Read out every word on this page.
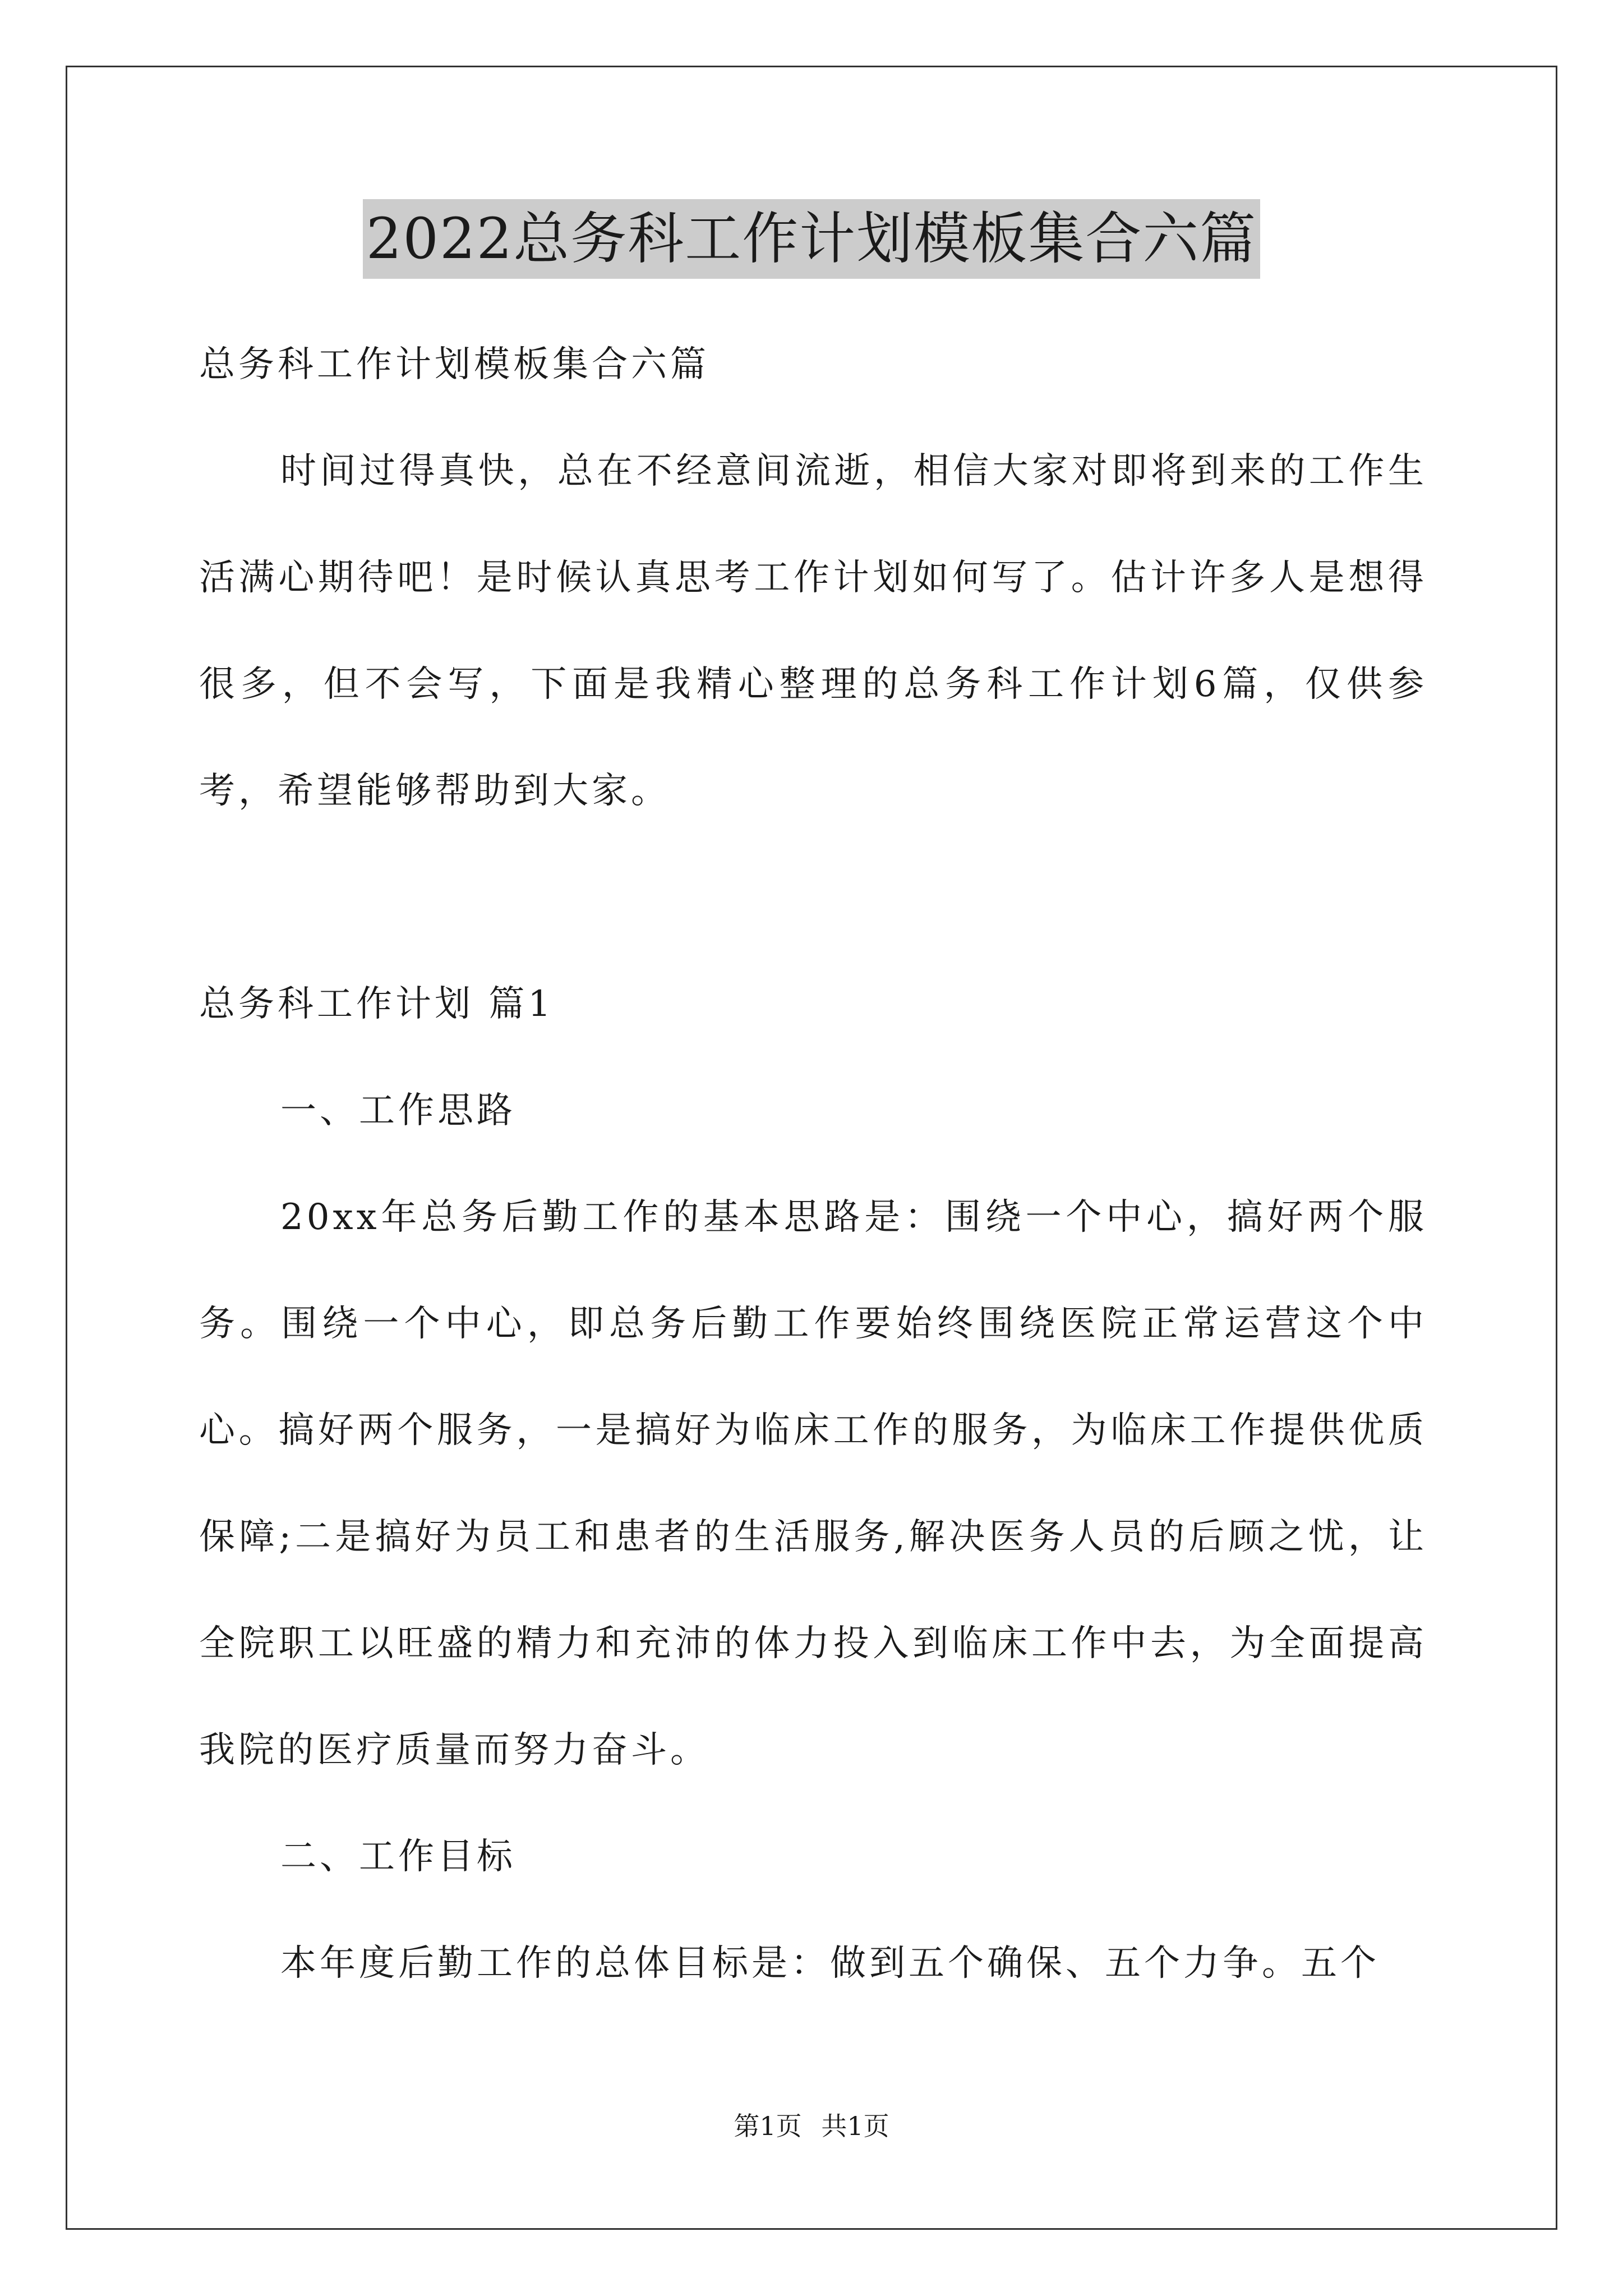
2022总务科工作计划模板集合六篇

总务科工作计划模板集合六篇

时间过得真快，总在不经意间流逝，相信大家对即将到来的工作生活满心期待吧！是时候认真思考工作计划如何写了。估计许多人是想得很多，但不会写，下面是我精心整理的总务科工作计划6篇，仅供参考，希望能够帮助到大家。

总务科工作计划 篇1

一、工作思路

20xx年总务后勤工作的基本思路是：围绕一个中心，搞好两个服务。围绕一个中心，即总务后勤工作要始终围绕医院正常运营这个中心。搞好两个服务，一是搞好为临床工作的服务，为临床工作提供优质保障;二是搞好为员工和患者的生活服务,解决医务人员的后顾之忧，让全院职工以旺盛的精力和充沛的体力投入到临床工作中去，为全面提高我院的医疗质量而努力奋斗。

二、工作目标

本年度后勤工作的总体目标是：做到五个确保、五个力争。五个

第1页 共1页
